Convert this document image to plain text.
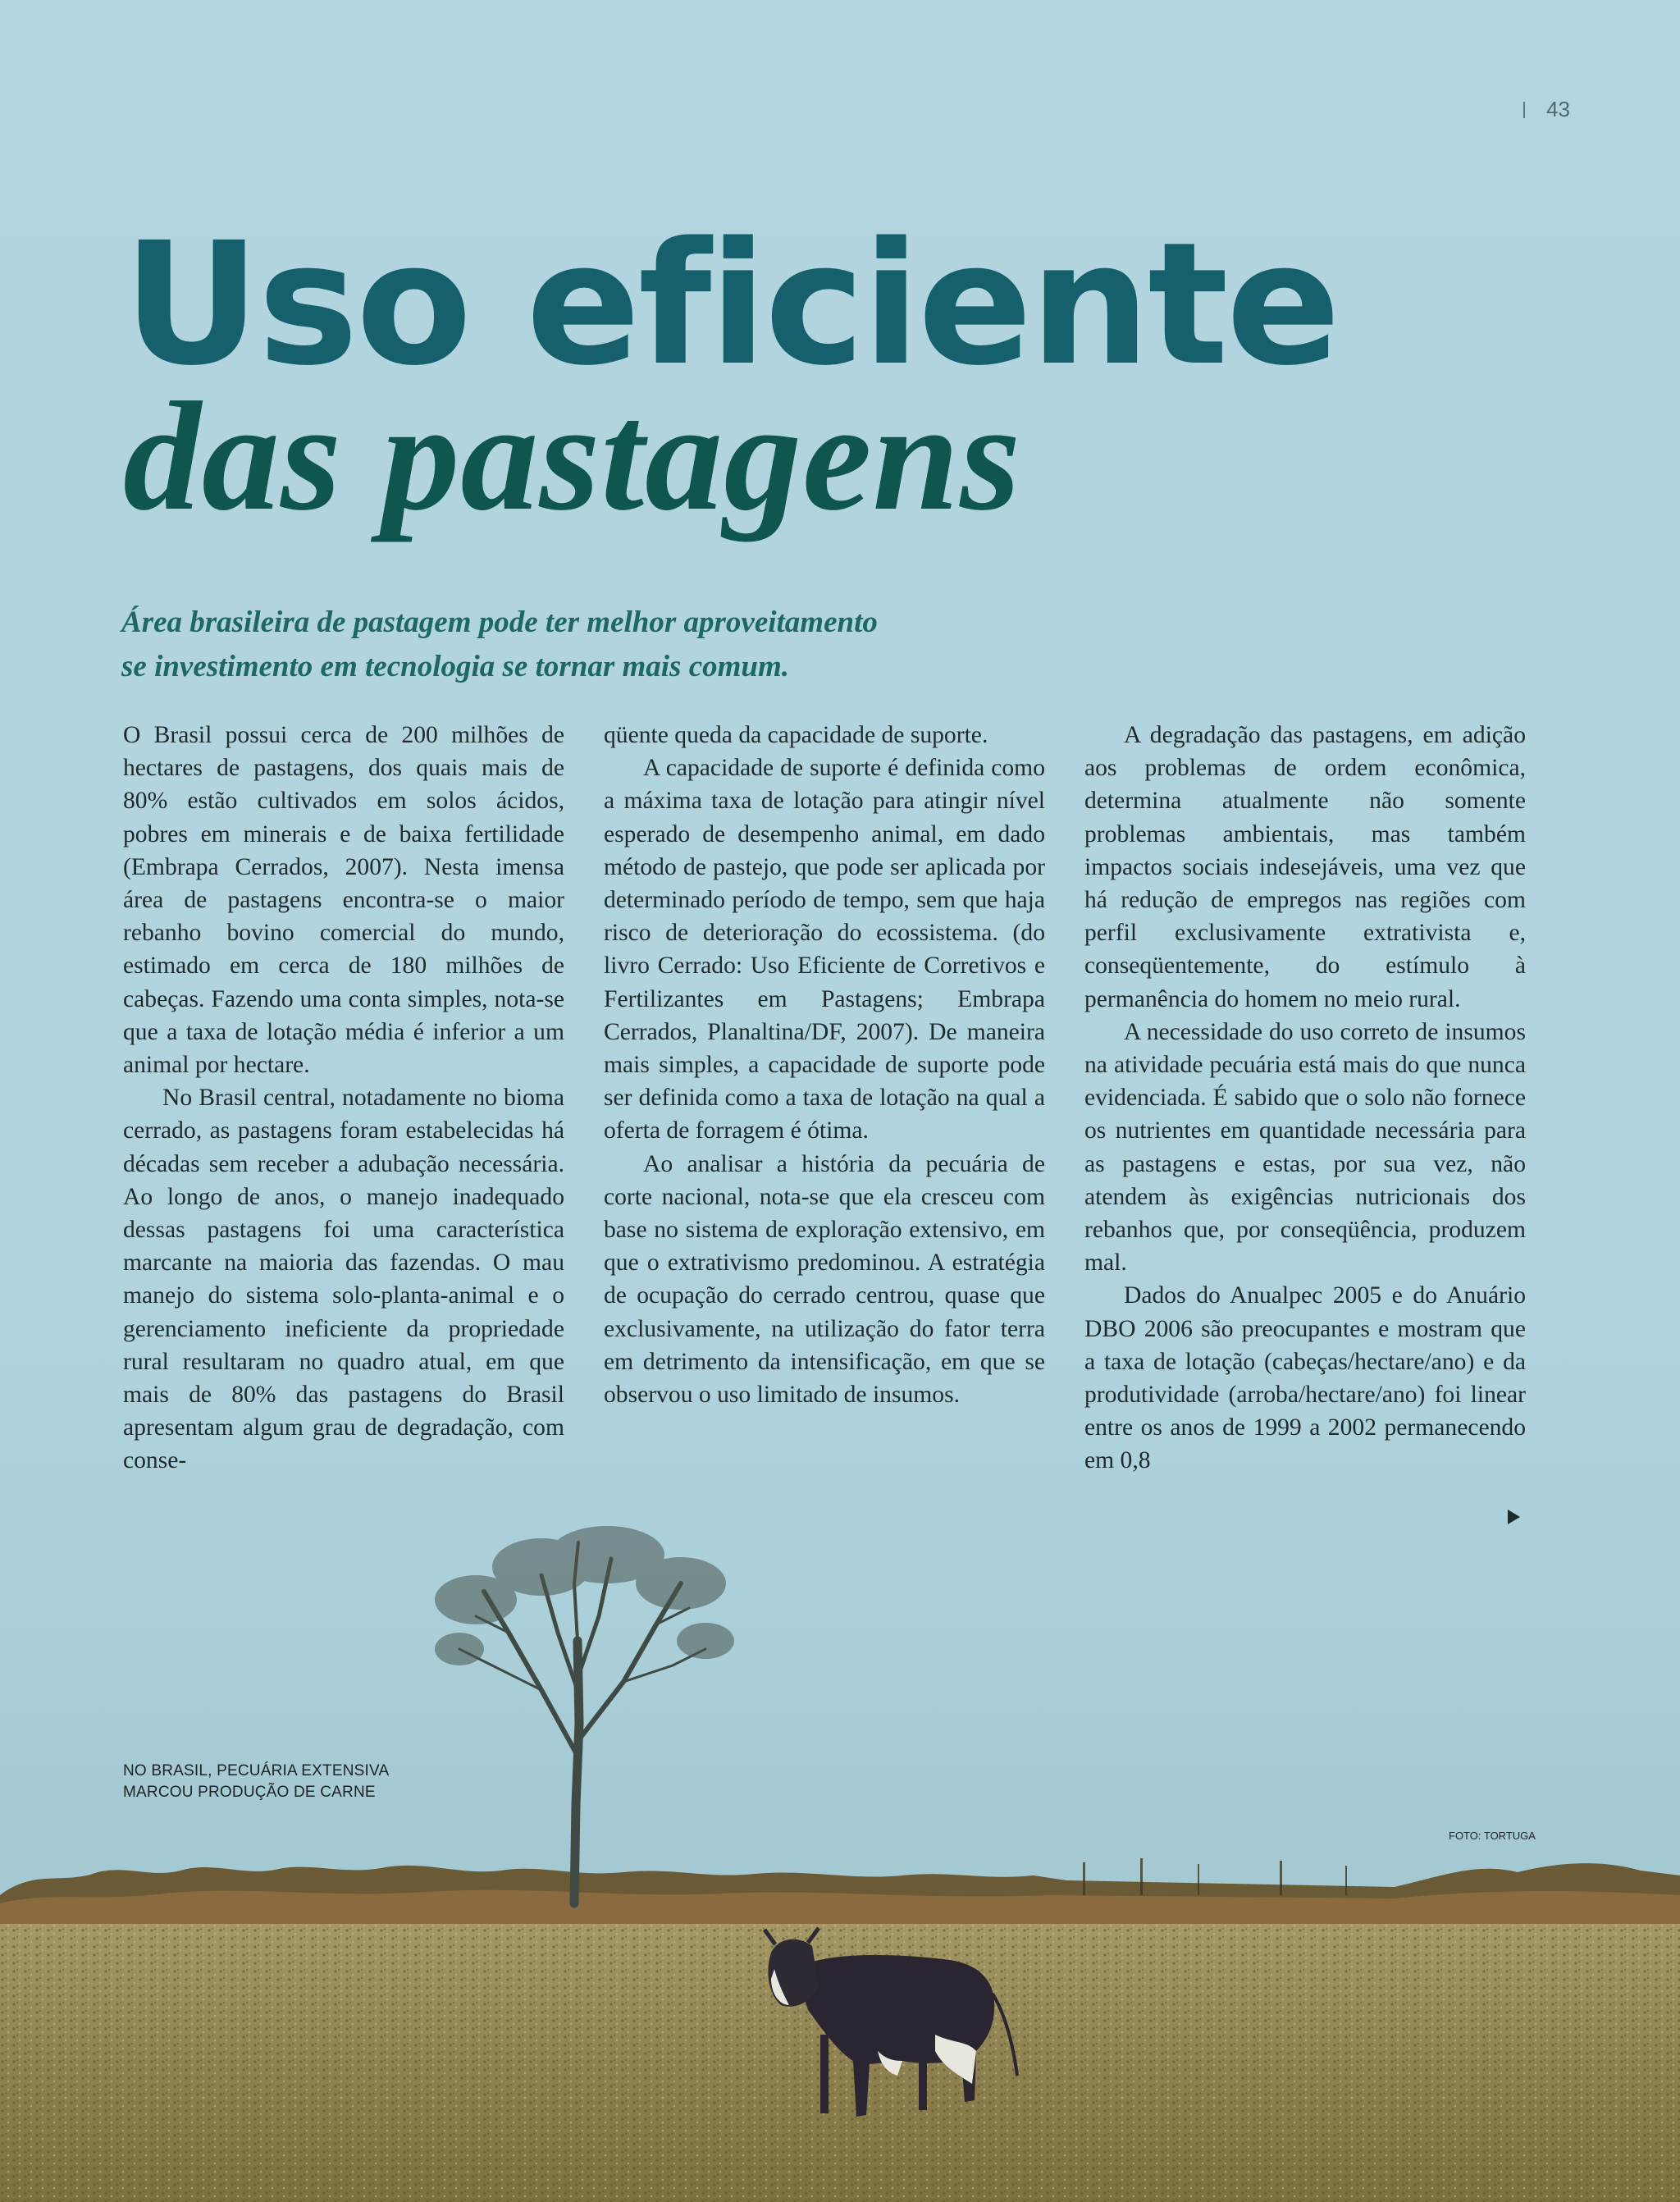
43
Uso eficiente
das pastagens
Área brasileira de pastagem pode ter melhor aproveitamento
se investimento em tecnologia se tornar mais comum.

O Brasil possui cerca de 200 milhões de hectares de pastagens, dos quais mais de 80% estão cultivados em solos ácidos, pobres em minerais e de baixa fertilidade (Embrapa Cerrados, 2007). Nesta imensa área de pastagens encontra-se o maior rebanho bovino comercial do mundo, estimado em cerca de 180 milhões de cabeças. Fazendo uma conta simples, nota-se que a taxa de lotação média é inferior a um animal por hectare.

No Brasil central, notadamente no bioma cerrado, as pastagens foram estabelecidas há décadas sem receber a adubação necessária. Ao longo de anos, o manejo inadequado dessas pastagens foi uma característica marcante na maioria das fazendas. O mau manejo do sistema solo-planta-animal e o gerenciamento ineficiente da propriedade rural resultaram no quadro atual, em que mais de 80% das pastagens do Brasil apresentam algum grau de degradação, com conse-

qüente queda da capacidade de suporte.

A capacidade de suporte é definida como a máxima taxa de lotação para atingir nível esperado de desempenho animal, em dado método de pastejo, que pode ser aplicada por determinado período de tempo, sem que haja risco de deterioração do ecossistema. (do livro Cerrado: Uso Eficiente de Corretivos e Fertilizantes em Pastagens; Embrapa Cerrados, Planaltina/DF, 2007). De maneira mais simples, a capacidade de suporte pode ser definida como a taxa de lotação na qual a oferta de forragem é ótima.

Ao analisar a história da pecuária de corte nacional, nota-se que ela cresceu com base no sistema de exploração extensivo, em que o extrativismo predominou. A estratégia de ocupação do cerrado centrou, quase que exclusivamente, na utilização do fator terra em detrimento da intensificação, em que se observou o uso limitado de insumos.

A degradação das pastagens, em adição aos problemas de ordem econômica, determina atualmente não somente problemas ambientais, mas também impactos sociais indesejáveis, uma vez que há redução de empregos nas regiões com perfil exclusivamente extrativista e, conseqüentemente, do estímulo à permanência do homem no meio rural.

A necessidade do uso correto de insumos na atividade pecuária está mais do que nunca evidenciada. É sabido que o solo não fornece os nutrientes em quantidade necessária para as pastagens e estas, por sua vez, não atendem às exigências nutricionais dos rebanhos que, por conseqüência, produzem mal.

Dados do Anualpec 2005 e do Anuário DBO 2006 são preocupantes e mostram que a taxa de lotação (cabeças/hectare/ano) e da produtividade (arroba/hectare/ano) foi linear entre os anos de 1999 a 2002 permanecendo em 0,8

NO BRASIL, PECUÁRIA EXTENSIVA
MARCOU PRODUÇÃO DE CARNE

FOTO: TORTUGA
